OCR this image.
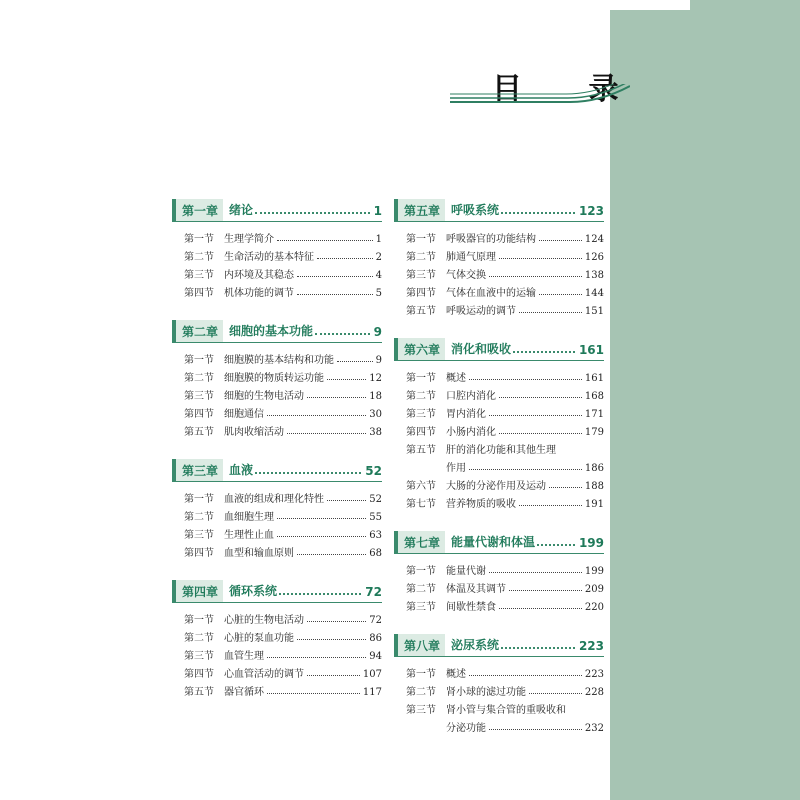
目 录
第一章 绪论	1
第一节	生理学简介	1
第二节	生命活动的基本特征	2
第三节	内环境及其稳态	4
第四节	机体功能的调节	5
第二章 细胞的基本功能	9
第一节	细胞膜的基本结构和功能	9
第二节	细胞膜的物质转运功能	12
第三节	细胞的生物电活动	18
第四节	细胞通信	30
第五节	肌肉收缩活动	38
第三章 血液	52
第一节	血液的组成和理化特性	52
第二节	血细胞生理	55
第三节	生理性止血	63
第四节	血型和输血原则	68
第四章 循环系统	72
第一节	心脏的生物电活动	72
第二节	心脏的泵血功能	86
第三节	血管生理	94
第四节	心血管活动的调节	107
第五节	器官循环	117
第五章 呼吸系统	123
第一节	呼吸器官的功能结构	124
第二节	肺通气原理	126
第三节	气体交换	138
第四节	气体在血液中的运输	144
第五节	呼吸运动的调节	151
第六章 消化和吸收	161
第一节	概述	161
第二节	口腔内消化	168
第三节	胃内消化	171
第四节	小肠内消化	179
第五节	肝的消化功能和其他生理
作用	186
第六节	大肠的分泌作用及运动	188
第七节	营养物质的吸收	191
第七章 能量代谢和体温	199
第一节	能量代谢	199
第二节	体温及其调节	209
第三节	间歇性禁食	220
第八章 泌尿系统	223
第一节	概述	223
第二节	肾小球的滤过功能	228
第三节	肾小管与集合管的重吸收和
分泌功能	232
